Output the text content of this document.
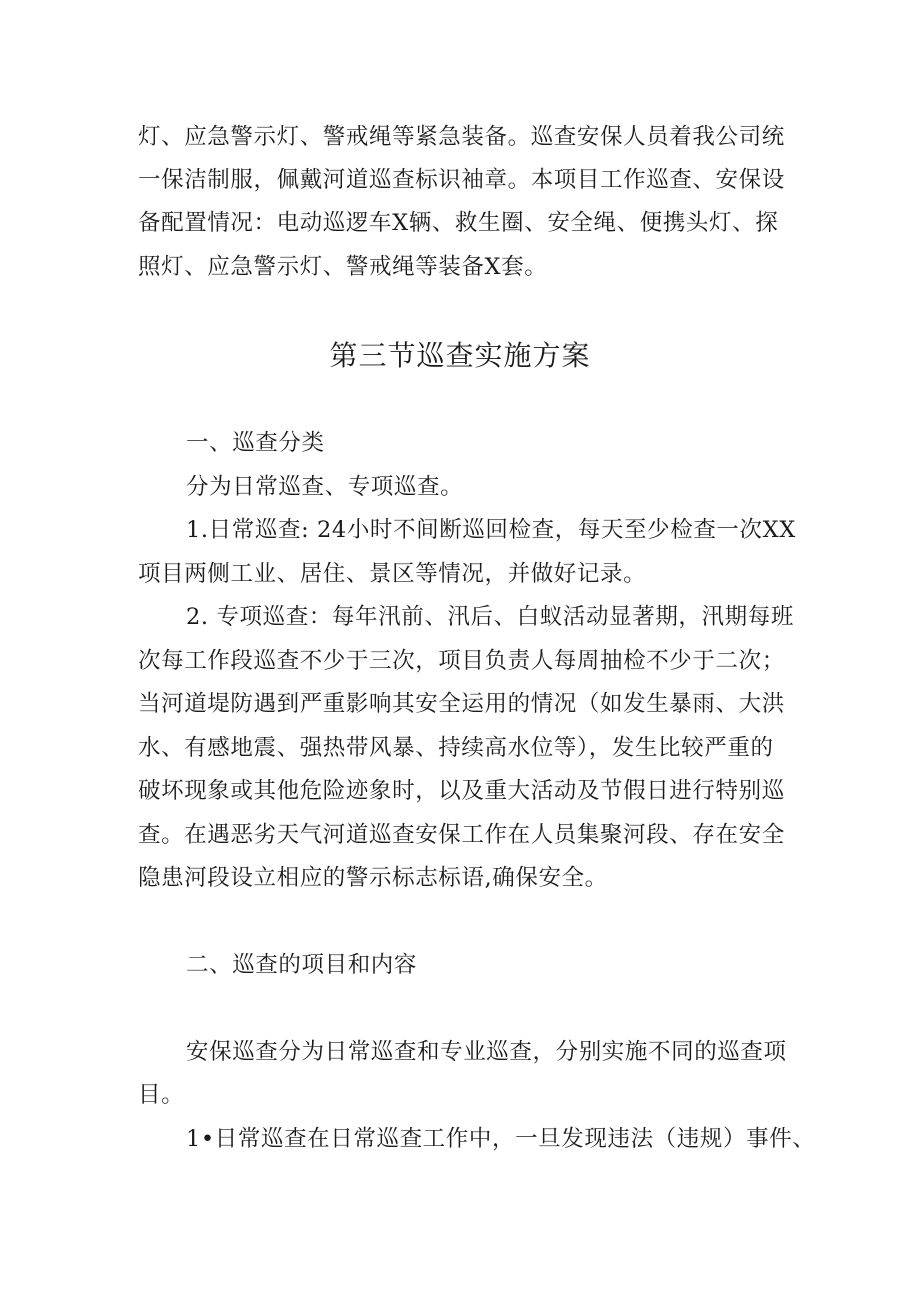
灯、应急警示灯、警戒绳等紧急装备。巡查安保人员着我公司统
一保洁制服，佩戴河道巡查标识袖章。本项目工作巡查、安保设
备配置情况：电动巡逻车X辆、救生圈、安全绳、便携头灯、探
照灯、应急警示灯、警戒绳等装备X套。
第三节巡查实施方案
一、巡查分类
分为日常巡查、专项巡查。
1.日常巡查: 24小时不间断巡回检查，每天至少检查一次XX
项目两侧工业、居住、景区等情况，并做好记录。
2. 专项巡查：每年汛前、汛后、白蚁活动显著期，汛期每班
次每工作段巡查不少于三次，项目负责人每周抽检不少于二次；
当河道堤防遇到严重影响其安全运用的情况（如发生暴雨、大洪
水、有感地震、强热带风暴、持续高水位等），发生比较严重的
破坏现象或其他危险迹象时，以及重大活动及节假日进行特别巡
查。在遇恶劣天气河道巡查安保工作在人员集聚河段、存在安全
隐患河段设立相应的警示标志标语,确保安全。
二、巡查的项目和内容
安保巡查分为日常巡查和专业巡查，分别实施不同的巡查项
目。
1•日常巡查在日常巡查工作中，一旦发现违法（违规）事件、
